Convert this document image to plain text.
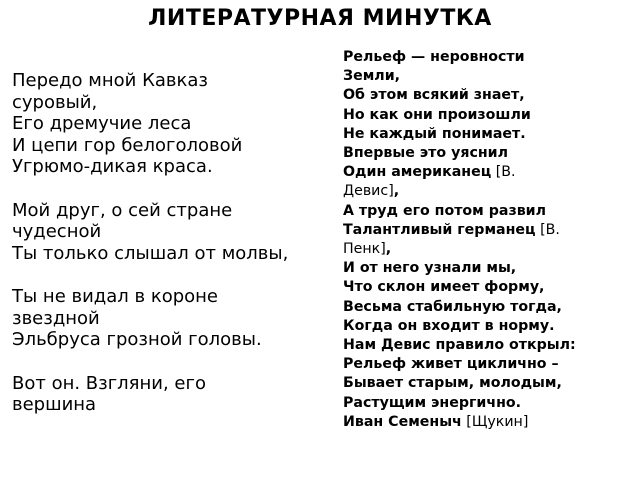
ЛИТЕРАТУРНАЯ МИНУТКА
Передо мной Кавказ
суровый,
Его дремучие леса
И цепи гор белоголовой
Угрюмо-дикая краса.
Мой друг, о сей стране
чудесной
Ты только слышал от молвы,
Ты не видал в короне
звездной
Эльбруса грозной головы.
Вот он. Взгляни, его
вершина
Рельеф — неровности
Земли,
Об этом всякий знает,
Но как они произошли
Не каждый понимает.
Впервые это уяснил
Один американец [В.
Девис],
А труд его потом развил
Талантливый германец [В.
Пенк],
И от него узнали мы,
Что склон имеет форму,
Весьма стабильную тогда,
Когда он входит в норму.
Нам Девис правило открыл:
Рельеф живет циклично –
Бывает старым, молодым,
Растущим энергично.
Иван Семеныч [Щукин]
